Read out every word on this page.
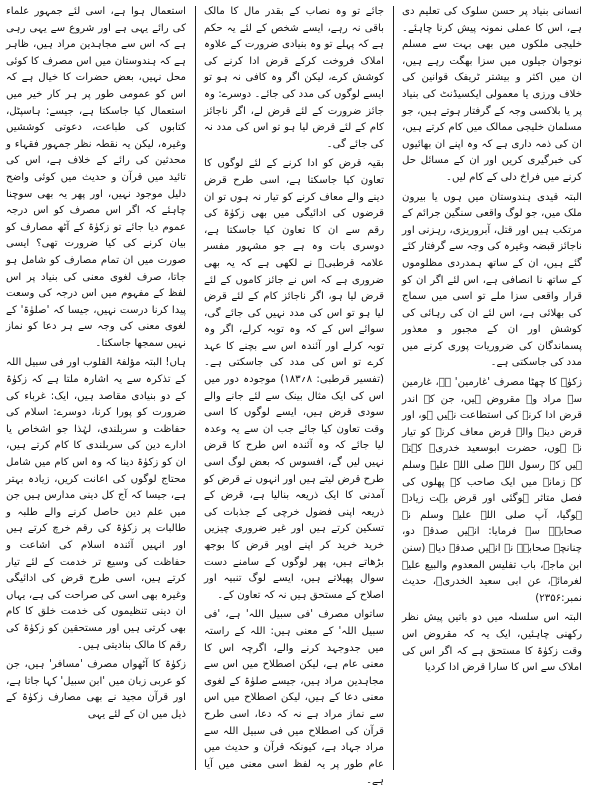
انسانی بنیاد پر حسن سلوک کی تعلیم دی ہے، اس کا عملی نمونہ پیش کرنا چاہئے۔ خلیجی ملکوں میں بھی بہت سے مسلم نوجوان جیلوں میں سزا بھگت رہے ہیں، ان میں اکثر و بیشتر ٹریفک قوانین کی خلاف ورزی یا معمولی ایکسیڈنٹ کی بنیاد پر یا بلاکسی وجہ کے گرفتار ہوتے ہیں، جو مسلمان خلیجی ممالک میں کام کرتے ہیں، ان کی ذمہ داری ہے کہ وہ اپنے ان بھائیوں کی خبرگیری کریں اور ان کے مسائل حل کرنے میں فراخ دلی کے کام لیں۔

البتہ قیدی ہندوستان میں ہوں یا بیرون ملک میں، جو لوگ واقعی سنگین جرائم کے مرتکب ہیں اور قتل، آبروریزی، رہزنی اور ناجائز قبضہ وغیرہ کی وجہ سے گرفتار کئے گئے ہیں، ان کے ساتھ ہمدردی مظلوموں کے ساتھ نا انصافی ہے، اس لئے اگر ان کو قرار واقعی سزا ملے تو اسی میں سماج کی بھلائی ہے، اس لئے ان کی رہائی کی کوشش اور ان کے مجبور و معذور پسماندگان کی ضروریات پوری کرنے میں مدد کی جاسکتی ہے۔

زکوٰۃ کا چھٹا مصرف 'غارمین' ہے، غارمین سے مراد وہ مقروض ہیں، جن کے اندر قرض ادا کرنے کی استطاعت نہیں ہو، اور قرض دینے والے قرض معاف کرنے کو تیار نہ ہوں، حضرت ابوسعید خدریؓ کہتے ہیں کہ رسول اللہ صلی اللہ علیہ وسلم کے زمانہ میں ایک صاحب کے پھلوں کی فصل متاثر ہوگئی اور قرض بہت زیادہ ہوگیا، آپ صلی اللہ علیہ وسلم نے صحابہؓ سے فرمایا: انہیں صدقہ دو، چنانچہ صحابہؓ نے انہیں صدقہ دیا۔ (سنن ابن ماجہ، باب تفلیس المعدوم والبیع علیہ لغرمائہ، عن ابی سعید الخدریؓ، حدیث نمبر:۲۳۵۶)

البتہ اس سلسلہ میں دو باتیں پیش نظر رکھنی چاہئیں، ایک یہ کہ مقروض اس وقت زکوٰۃ کا مستحق ہے کہ اگر اس کی املاک سے اس کا سارا قرض ادا کردیا

جائے تو وہ نصاب کے بقدر مال کا مالک باقی نہ رہے، ایسے شخص کے لئے یہ حکم ہے کہ پہلے تو وہ بنیادی ضرورت کے علاوہ املاک فروخت کرکے قرض ادا کرنے کی کوشش کرے، لیکن اگر وہ کافی نہ ہو تو ایسے لوگوں کی مدد کی جائے۔ دوسرے: وہ جائز ضرورت کے لئے قرض لے، اگر ناجائز کام کے لئے قرض لیا ہو تو اس کی مدد نہ کی جائے گی۔

بقیہ قرض کو ادا کرنے کے لئے لوگوں کا تعاون کیا جاسکتا ہے، اسی طرح قرض دینے والے معاف کرنے کو تیار نہ ہوں تو ان قرضوں کی ادائیگی میں بھی زکوٰۃ کی رقم سے ان کا تعاون کیا جاسکتا ہے، دوسری بات وہ ہے جو مشہور مفسر علامہ قرطبیؒ نے لکھی ہے کہ یہ بھی ضروری ہے کہ اس نے جائز کاموں کے لئے قرض لیا ہو، اگر ناجائز کام کے لئے قرض لیا ہو تو اس کی مدد نہیں کی جائے گی، سوائے اس کے کہ وہ توبہ کرلے، اگر وہ توبہ کرلے اور آئندہ اس سے بچنے کا عہد کرے تو اس کی مدد کی جاسکتی ہے۔ (تفسیر قرطبی: ۸؍۱۸۳) موجودہ دور میں اس کی ایک مثال بینک سے لئے جانے والے سودی قرض ہیں، ایسے لوگوں کا اسی وقت تعاون کیا جائے جب ان سے یہ وعدہ لیا جائے کہ وہ آئندہ اس طرح کا قرض نہیں لیں گے، افسوس کہ بعض لوگ اسی طرح قرض لیتے ہیں اور انہوں نے قرض کو آمدنی کا ایک ذریعہ بنالیا ہے، قرض کے ذریعہ اپنی فضول خرچی کے جذبات کی تسکین کرتے ہیں اور غیر ضروری چیزیں خرید خرید کر اپنے اوپر قرض کا بوجھ بڑھاتے ہیں، پھر لوگوں کے سامنے دست سوال پھیلاتے ہیں، ایسے لوگ تنبیہ اور اصلاح کے مستحق ہیں نہ کہ تعاون کے۔

ساتواں مصرف 'فی سبیل اللہ' ہے، 'فی سبیل اللہ' کے معنی ہیں: اللہ کے راستہ میں جدوجہد کرنے والے، اگرچہ اس کا معنی عام ہے، لیکن اصطلاح میں اس سے مجاہدین مراد ہیں، جیسے صلوٰۃ کے لغوی معنی دعا کے ہیں، لیکن اصطلاح میں اس سے نماز مراد ہے نہ کہ دعا، اسی طرح قرآن کی اصطلاح میں فی سبیل اللہ سے مراد جہاد ہے، کیونکہ قرآن و حدیث میں عام طور پر یہ لفظ اسی معنی میں آیا ہے۔

استعمال ہوا ہے، اسی لئے جمہور علماء کی رائے یہی ہے اور شروع سے یہی رہی ہے کہ اس سے مجاہدین مراد ہیں، ظاہر ہے کہ ہندوستان میں اس مصرف کا کوئی محل نہیں، بعض حضرات کا خیال ہے کہ اس کو عمومی طور پر ہر کار خیر میں استعمال کیا جاسکتا ہے، جیسے: ہاسپٹل، کتابوں کی طباعت، دعوتی کوششیں وغیرہ، لیکن یہ نقطہ نظر جمہور فقہاء و محدثین کی رائے کے خلاف ہے، اس کی تائید میں قرآن و حدیث میں کوئی واضح دلیل موجود نہیں، اور پھر یہ بھی سوچنا چاہئے کہ اگر اس مصرف کو اس درجہ عموم دیا جائے تو زکوٰۃ کے آٹھ مصارف کو بیان کرنے کی کیا ضرورت تھی؟ ایسی صورت میں ان تمام مصارف کو شامل ہو جاتا، صرف لغوی معنی کی بنیاد پر اس لفظ کے مفہوم میں اس درجہ کی وسعت پیدا کرنا درست نہیں، جیسا کہ 'صلوٰۃ' کے لغوی معنی کی وجہ سے ہر دعا کو نماز نہیں سمجھا جاسکتا۔

ہاں! البتہ مؤلفۃ القلوب اور فی سبیل اللہ کے تذکرہ سے یہ اشارہ ملتا ہے کہ زکوٰۃ کے دو بنیادی مقاصد ہیں، ایک: غرباء کی ضرورت کو پورا کرنا، دوسرے: اسلام کی حفاظت و سربلندی، لہٰذا جو اشخاص یا ادارے دین کی سربلندی کا کام کرتے ہیں، ان کو زکوٰۃ دینا کہ وہ اس کام میں شامل محتاج لوگوں کی اعانت کریں، زیادہ بہتر ہے، جیسا کہ آج کل دینی مدارس ہیں جن میں علم دین حاصل کرنے والے طلبہ و طالبات پر زکوٰۃ کی رقم خرچ کرتے ہیں اور انہیں آئندہ اسلام کی اشاعت و حفاظت کی وسیع تر خدمت کے لئے تیار کرتے ہیں، اسی طرح قرض کی ادائیگی وغیرہ بھی اسی کی صراحت کی ہے، یہاں ان دینی تنظیموں کی خدمت خلق کا کام بھی کرتی ہیں اور مستحقین کو زکوٰۃ کی رقم کا مالک بنادیتی ہیں۔

زکوٰۃ کا آٹھواں مصرف 'مسافر' ہیں، جن کو عربی زبان میں 'ابن سبیل' کہا جاتا ہے، اور قرآن مجید نے بھی مصارف زکوٰۃ کے ذیل میں ان کے لئے یہی
